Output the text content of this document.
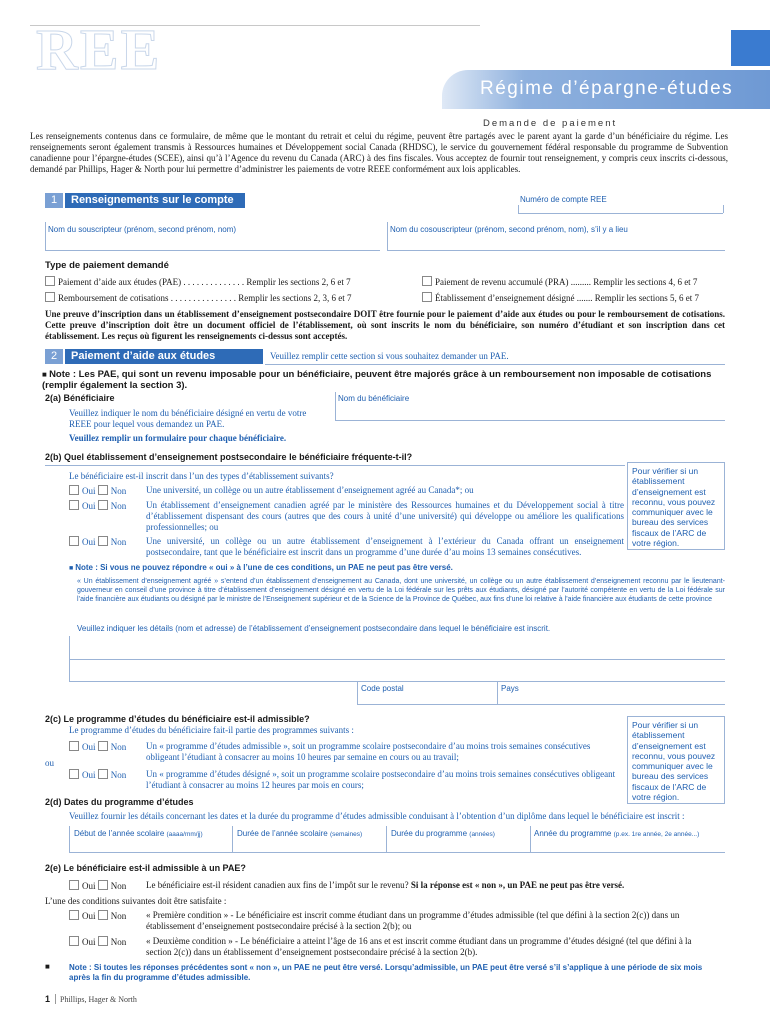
REE
Régime d’épargne-études
Demande de paiement
Les renseignements contenus dans ce formulaire, de même que le montant du retrait et celui du régime, peuvent être partagés avec le parent ayant la garde d’un bénéficiaire du régime. Les renseignements seront également transmis à Ressources humaines et Développement social Canada (RHDSC), le service du gouvernement fédéral responsable du programme de Subvention canadienne pour l’épargne-études (SCEE), ainsi qu’à l’Agence du revenu du Canada (ARC) à des fins fiscales. Vous acceptez de fournir tout renseignement, y compris ceux inscrits ci-dessous, demandé par Phillips, Hager & North pour lui permettre d’administrer les paiements de votre REEE conformément aux lois applicables.
1	Renseignements sur le compte	Numéro de compte REE
Nom du souscripteur (prénom, second prénom, nom)	Nom du cosouscripteur (prénom, second prénom, nom), s’il y a lieu
Type de paiement demandé
Paiement d’aide aux études (PAE) . . . . . . . . . . . . . . Remplir les sections 2, 6 et 7
Remboursement de cotisations . . . . . . . . . . . . . . . Remplir les sections 2, 3, 6 et 7
Paiement de revenu accumulé (PRA) ......... Remplir les sections 4, 6 et 7
Établissement d’enseignement désigné ....... Remplir les sections 5, 6 et 7
Une preuve d’inscription dans un établissement d’enseignement postsecondaire DOIT être fournie pour le paiement d’aide aux études ou pour le remboursement de cotisations. Cette preuve d’inscription doit être un document officiel de l’établissement, où sont inscrits le nom du bénéficiaire, son numéro d’étudiant et son inscription dans cet établissement. Les reçus où figurent les renseignements ci-dessus sont acceptés.
2	Paiement d’aide aux études	Veuillez remplir cette section si vous souhaitez demander un PAE.
■ Note : Les PAE, qui sont un revenu imposable pour un bénéficiaire, peuvent être majorés grâce à un remboursement non imposable de cotisations (remplir également la section 3).
2(a) Bénéficiaire	Nom du bénéficiaire
Veuillez indiquer le nom du bénéficiaire désigné en vertu de votre REEE pour lequel vous demandez un PAE.
Veuillez remplir un formulaire pour chaque bénéficiaire.
2(b) Quel établissement d’enseignement postsecondaire le bénéficiaire fréquente-t-il?
Le bénéficiaire est-il inscrit dans l’un des types d’établissement suivants?
Oui Non Une université, un collège ou un autre établissement d’enseignement agréé au Canada*; ou
Oui Non Un établissement d’enseignement canadien agréé par le ministère des Ressources humaines et du Développement social à titre d’établissement dispensant des cours (autres que des cours à unité d’une université) qui développe ou améliore les qualifications professionnelles; ou
Oui Non Une université, un collège ou un autre établissement d’enseignement à l’extérieur du Canada offrant un enseignement postsecondaire, tant que le bénéficiaire est inscrit dans un programme d’une durée d’au moins 13 semaines consécutives.
Pour vérifier si un établissement d’enseignement est reconnu, vous pouvez communiquer avec le bureau des services fiscaux de l’ARC de votre région.
■ Note : Si vous ne pouvez répondre « oui » à l’une de ces conditions, un PAE ne peut pas être versé.
« Un établissement d’enseignement agréé » s’entend d’un établissement d’enseignement au Canada, dont une université, un collège ou un autre établissement d’enseignement reconnu par le lieutenant-gouverneur en conseil d’une province à titre d’établissement d’enseignement désigné en vertu de la Loi fédérale sur les prêts aux étudiants, désigné par l’autorité compétente en vertu de la Loi fédérale sur l’aide financière aux étudiants ou désigné par le ministre de l’Enseignement supérieur et de la Science de la Province de Québec, aux fins d’une loi relative à l’aide financière aux étudiants de cette province
Veuillez indiquer les détails (nom et adresse) de l’établissement d’enseignement postsecondaire dans lequel le bénéficiaire est inscrit.
Code postal	Pays
2(c) Le programme d’études du bénéficiaire est-il admissible?
Le programme d’études du bénéficiaire fait-il partie des programmes suivants :
Oui Non Un « programme d’études admissible », soit un programme scolaire postsecondaire d’au moins trois semaines consécutives obligeant l’étudiant à consacrer au moins 10 heures par semaine en cours ou au travail;
ou
Oui Non Un « programme d’études désigné », soit un programme scolaire postsecondaire d’au moins trois semaines consécutives obligeant l’étudiant à consacrer au moins 12 heures par mois en cours;
Pour vérifier si un établissement d’enseignement est reconnu, vous pouvez communiquer avec le bureau des services fiscaux de l’ARC de votre région.
2(d) Dates du programme d’études
Veuillez fournir les détails concernant les dates et la durée du programme d’études admissible conduisant à l’obtention d’un diplôme dans lequel le bénéficiaire est inscrit :
Début de l’année scolaire (aaaa/mm/jj)	Durée de l’année scolaire (semaines)	Durée du programme (années)	Année du programme (p.ex. 1re année, 2e année...)
2(e) Le bénéficiaire est-il admissible à un PAE?
Oui Non Le bénéficiaire est-il résident canadien aux fins de l’impôt sur le revenu? Si la réponse est « non », un PAE ne peut pas être versé.
L’une des conditions suivantes doit être satisfaite :
Oui Non « Première condition » - Le bénéficiaire est inscrit comme étudiant dans un programme d’études admissible (tel que défini à la section 2(c)) dans un établissement d’enseignement postsecondaire précisé à la section 2(b); ou
Oui Non « Deuxième condition » - Le bénéficiaire a atteint l’âge de 16 ans et est inscrit comme étudiant dans un programme d’études désigné (tel que défini à la section 2(c)) dans un établissement d’enseignement postsecondaire précisé à la section 2(b).
■ Note : Si toutes les réponses précédentes sont « non », un PAE ne peut être versé. Lorsqu’admissible, un PAE peut être versé s’il s’applique à une période de six mois après la fin du programme d’études admissible.
1 Phillips, Hager & North
